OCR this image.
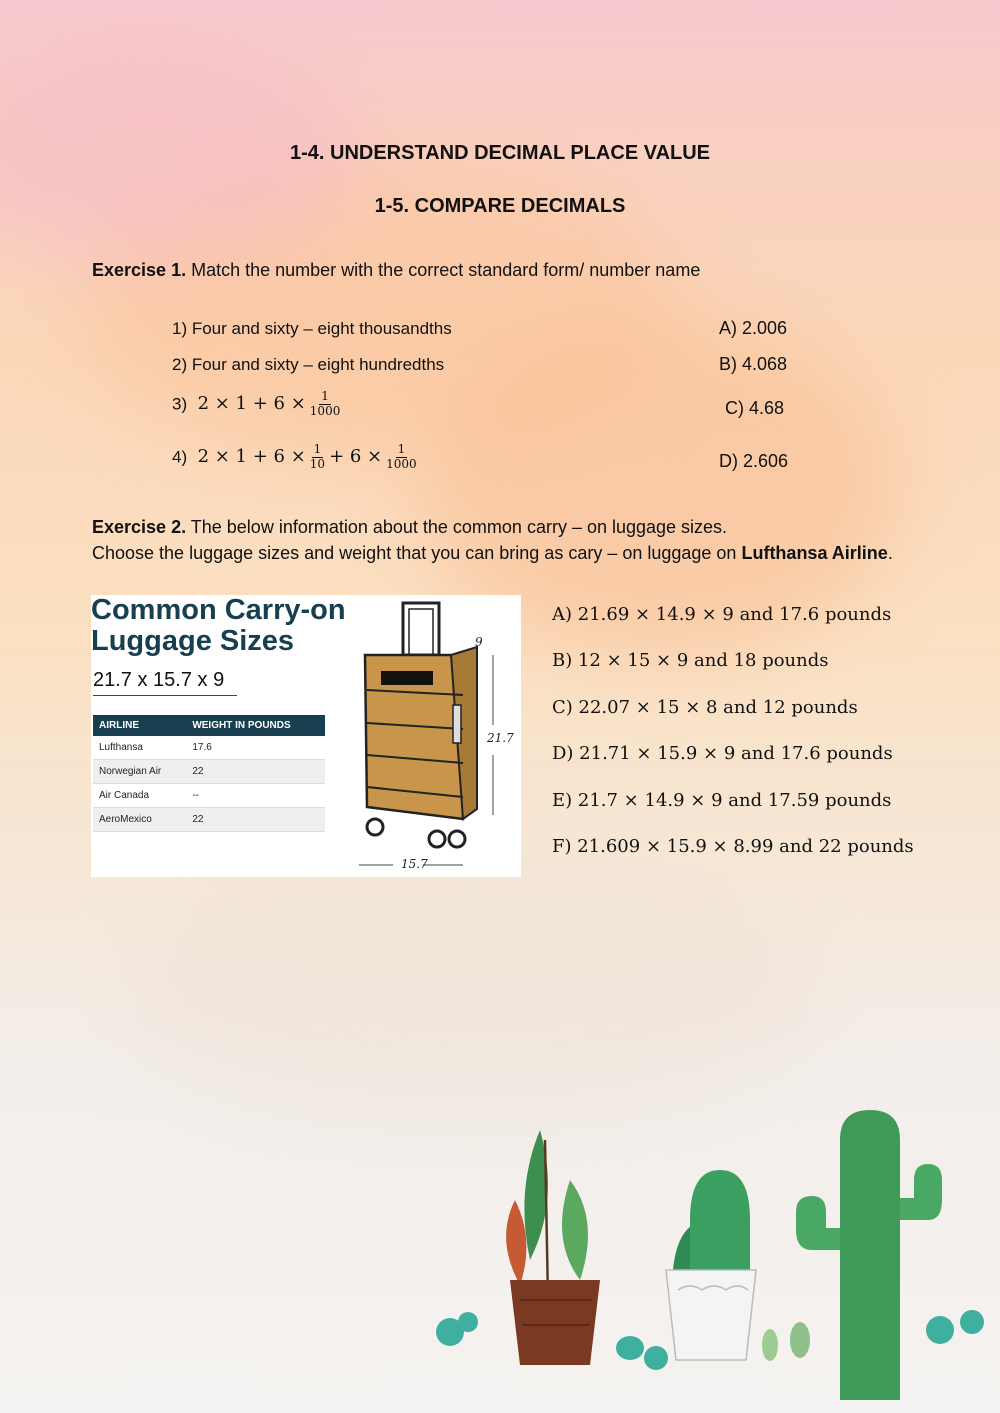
1-4. UNDERSTAND DECIMAL PLACE VALUE
1-5. COMPARE DECIMALS
Exercise 1. Match the number with the correct standard form/ number name
1) Four and sixty – eight thousandths
2) Four and sixty – eight hundredths
3)  $2 \times 1 + 6 \times \frac{1}{1000}$
4)  $2 \times 1 + 6 \times \frac{1}{10} + 6 \times \frac{1}{1000}$
A) 2.006
B) 4.068
C) 4.68
D) 2.606
Exercise 2. The below information about the common carry – on luggage sizes.
Choose the luggage sizes and weight that you can bring as cary – on luggage on Lufthansa Airline.
Common Carry-on
Luggage Sizes
21.7 x 15.7 x 9
AIRLINE	WEIGHT IN POUNDS
Lufthansa	17.6
Norwegian Air	22
Air Canada	--
AeroMexico	22
9
21.7
15.7
A) 21.69 × 14.9 × 9 and 17.6 pounds
B) 12 × 15 × 9 and 18 pounds
C) 22.07 × 15 × 8 and 12 pounds
D) 21.71 × 15.9 × 9 and 17.6 pounds
E) 21.7 × 14.9 × 9 and 17.59 pounds
F) 21.609 × 15.9 × 8.99 and 22 pounds
